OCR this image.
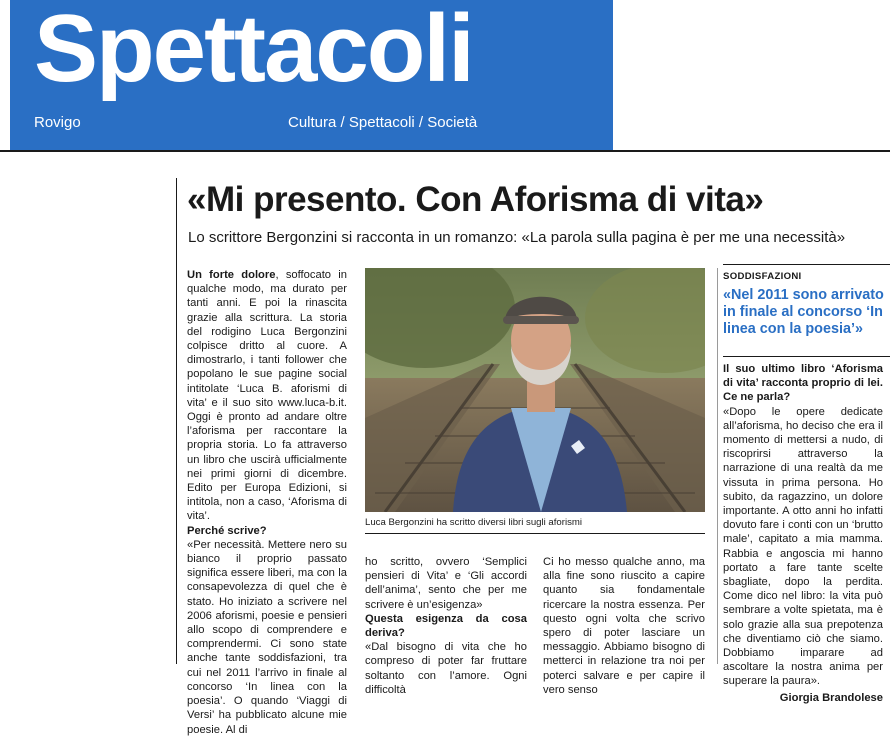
Spettacoli
Rovigo	Cultura / Spettacoli / Società
«Mi presento. Con Aforisma di vita»
Lo scrittore Bergonzini si racconta in un romanzo: «La parola sulla pagina è per me una necessità»

Un forte dolore, soffocato in qualche modo, ma durato per tanti anni. E poi la rinascita grazie alla scrittura. La storia del rodigino Luca Bergonzini colpisce dritto al cuore. A dimostrarlo, i tanti follower che popolano le sue pagine social intitolate ‘Luca B. aforismi di vita’ e il suo sito www.luca-b.it. Oggi è pronto ad andare oltre l’aforisma per raccontare la propria storia. Lo fa attraverso un libro che uscirà ufficialmente nei primi giorni di dicembre. Edito per Europa Edizioni, si intitola, non a caso, ‘Aforisma di vita’.

Perché scrive?

«Per necessità. Mettere nero su bianco il proprio passato significa essere liberi, ma con la consapevolezza di quel che è stato. Ho iniziato a scrivere nel 2006 aforismi, poesie e pensieri allo scopo di comprendere e comprendermi. Ci sono state anche tante soddisfazioni, tra cui nel 2011 l’arrivo in finale al concorso ‘In linea con la poesia’. O quando ‘Viaggi di Versi’ ha pubblicato alcune mie poesie. Al di

Luca Bergonzini ha scritto diversi libri sugli aforismi

ho scritto, ovvero ‘Semplici pensieri di Vita’ e ‘Gli accordi dell’anima’, sento che per me scrivere è un’esigenza»

Questa esigenza da cosa deriva?

«Dal bisogno di vita che ho compreso di poter far fruttare soltanto con l’amore. Ogni difficoltà

Ci ho messo qualche anno, ma alla fine sono riuscito a capire quanto sia fondamentale ricercare la nostra essenza. Per questo ogni volta che scrivo spero di poter lasciare un messaggio. Abbiamo bisogno di metterci in relazione tra noi per poterci salvare e per capire il vero senso

SODDISFAZIONI
«Nel 2011 sono arrivato in finale al concorso ‘In linea con la poesia’»

Il suo ultimo libro ‘Aforisma di vita’ racconta proprio di lei. Ce ne parla?

«Dopo le opere dedicate all’aforisma, ho deciso che era il momento di mettersi a nudo, di riscoprirsi attraverso la narrazione di una realtà da me vissuta in prima persona. Ho subito, da ragazzino, un dolore importante. A otto anni ho infatti dovuto fare i conti con un ‘brutto male’, capitato a mia mamma. Rabbia e angoscia mi hanno portato a fare tante scelte sbagliate, dopo la perdita. Come dico nel libro: la vita può sembrare a volte spietata, ma è solo grazie alla sua prepotenza che diventiamo ciò che siamo. Dobbiamo imparare ad ascoltare la nostra anima per superare la paura».

Giorgia Brandolese
